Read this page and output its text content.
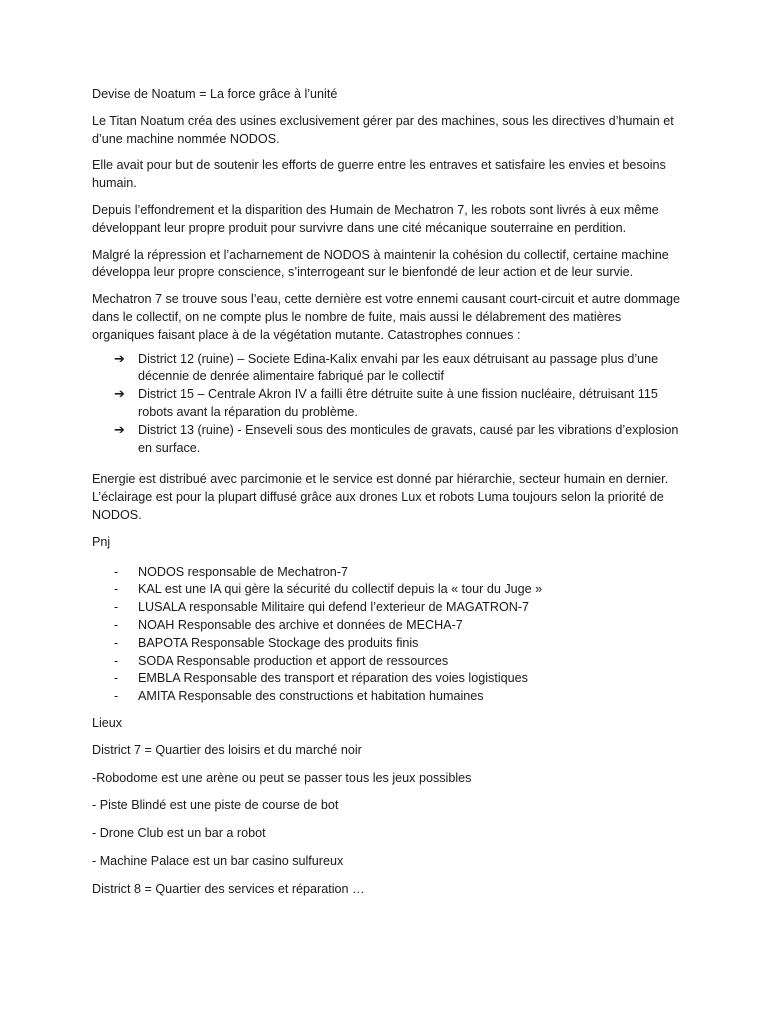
Devise de Noatum = La force grâce à l’unité

Le Titan Noatum créa des usines exclusivement gérer par des machines, sous les directives d’humain et d’une machine nommée NODOS.

Elle avait pour but de soutenir les efforts de guerre entre les entraves et satisfaire les envies et besoins humain.

Depuis l’effondrement et la disparition des Humain de Mechatron 7, les robots sont livrés à eux même développant leur propre produit pour survivre dans une cité mécanique souterraine en perdition.

Malgré la répression et l’acharnement de NODOS à maintenir la cohésion du collectif, certaine machine développa leur propre conscience, s’interrogeant sur le bienfondé de leur action et de leur survie.

Mechatron 7 se trouve sous l’eau, cette dernière est votre ennemi causant court-circuit et autre dommage dans le collectif, on ne compte plus le nombre de fuite, mais aussi le délabrement des matières organiques faisant place à de la végétation mutante. Catastrophes connues :

➔ District 12 (ruine) – Societe Edina-Kalix envahi par les eaux détruisant au passage plus d’une décennie de denrée alimentaire fabriqué par le collectif
➔ District 15 – Centrale Akron IV a failli être détruite suite à une fission nucléaire, détruisant 115 robots avant la réparation du problème.
➔ District 13 (ruine) - Enseveli sous des monticules de gravats, causé par les vibrations d’explosion en surface.

Energie est distribué avec parcimonie et le service est donné par hiérarchie, secteur humain en dernier. L’éclairage est pour la plupart diffusé grâce aux drones Lux et robots Luma toujours selon la priorité de NODOS.

Pnj

- NODOS responsable de Mechatron-7
- KAL est une IA qui gère la sécurité du collectif depuis la « tour du Juge »
- LUSALA responsable Militaire qui defend l’exterieur de MAGATRON-7
- NOAH Responsable des archive et données de MECHA-7
- BAPOTA Responsable Stockage des produits finis
- SODA Responsable production et apport de ressources
- EMBLA Responsable des transport et réparation des voies logistiques
- AMITA Responsable des constructions et habitation humaines

Lieux

District 7 = Quartier des loisirs et du marché noir

-Robodome est une arène ou peut se passer tous les jeux possibles

- Piste Blindé est une piste de course de bot

- Drone Club est un bar a robot

- Machine Palace est un bar casino sulfureux

District 8 = Quartier des services et réparation …
